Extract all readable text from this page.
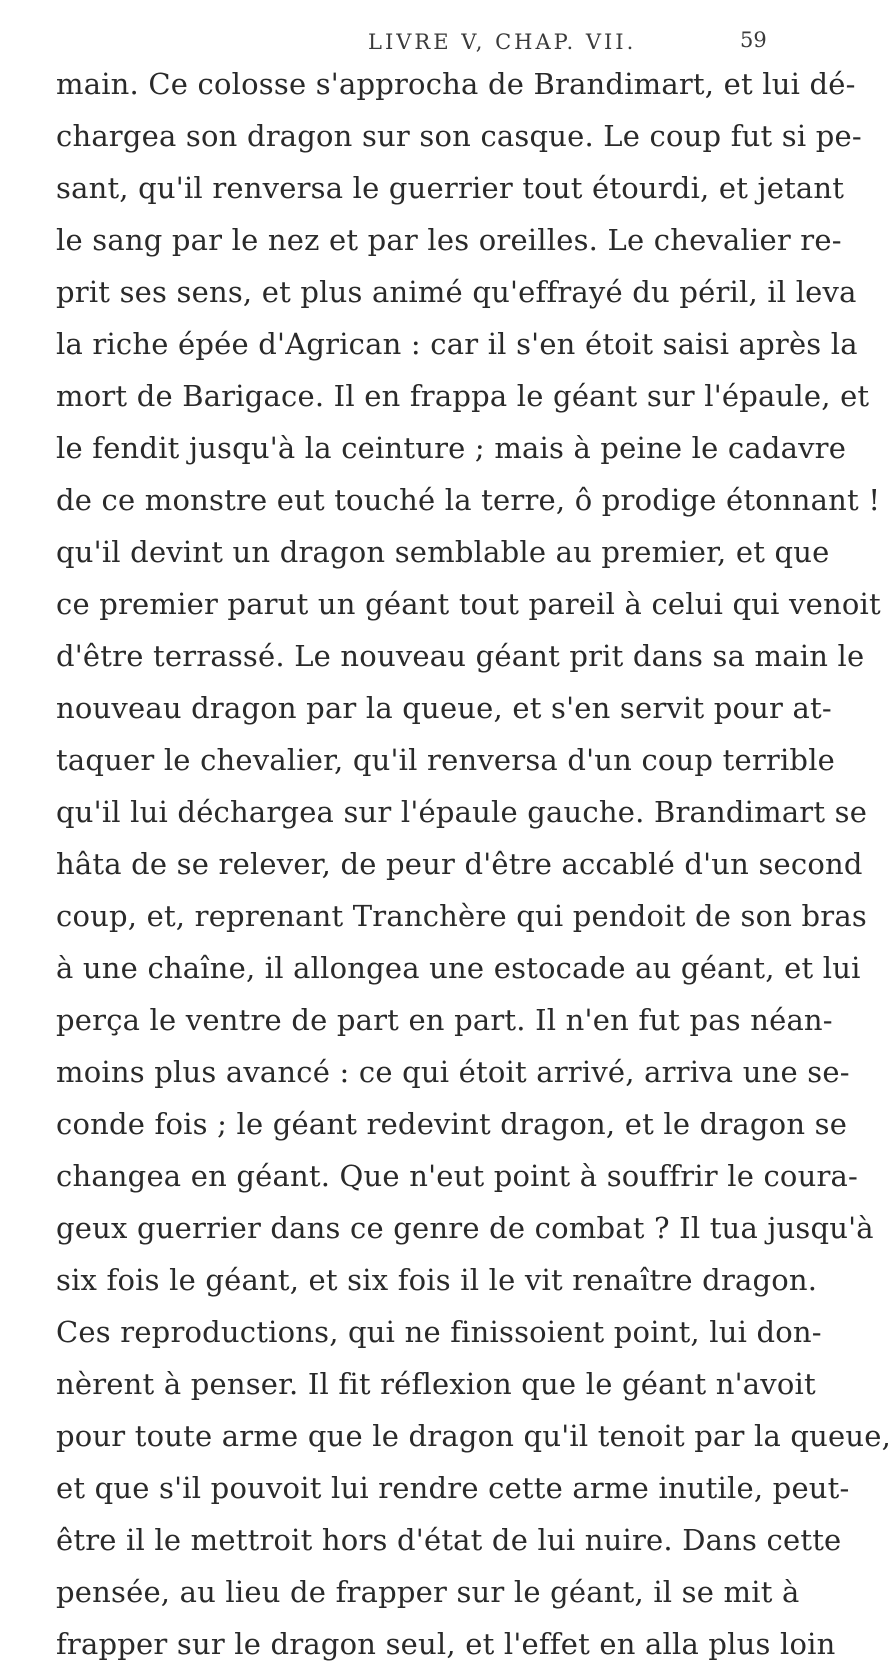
LIVRE V, CHAP. VII.	59
main. Ce colosse s'approcha de Brandimart, et lui dé-
chargea son dragon sur son casque. Le coup fut si pe-
sant, qu'il renversa le guerrier tout étourdi, et jetant
le sang par le nez et par les oreilles. Le chevalier re-
prit ses sens, et plus animé qu'effrayé du péril, il leva
la riche épée d'Agrican : car il s'en étoit saisi après la
mort de Barigace. Il en frappa le géant sur l'épaule, et
le fendit jusqu'à la ceinture ; mais à peine le cadavre
de ce monstre eut touché la terre, ô prodige étonnant !
qu'il devint un dragon semblable au premier, et que
ce premier parut un géant tout pareil à celui qui venoit
d'être terrassé. Le nouveau géant prit dans sa main le
nouveau dragon par la queue, et s'en servit pour at-
taquer le chevalier, qu'il renversa d'un coup terrible
qu'il lui déchargea sur l'épaule gauche. Brandimart se
hâta de se relever, de peur d'être accablé d'un second
coup, et, reprenant Tranchère qui pendoit de son bras
à une chaîne, il allongea une estocade au géant, et lui
perça le ventre de part en part. Il n'en fut pas néan-
moins plus avancé : ce qui étoit arrivé, arriva une se-
conde fois ; le géant redevint dragon, et le dragon se
changea en géant. Que n'eut point à souffrir le coura-
geux guerrier dans ce genre de combat ? Il tua jusqu'à
six fois le géant, et six fois il le vit renaître dragon.
Ces reproductions, qui ne finissoient point, lui don-
nèrent à penser. Il fit réflexion que le géant n'avoit
pour toute arme que le dragon qu'il tenoit par la queue,
et que s'il pouvoit lui rendre cette arme inutile, peut-
être il le mettroit hors d'état de lui nuire. Dans cette
pensée, au lieu de frapper sur le géant, il se mit à
frapper sur le dragon seul, et l'effet en alla plus loin
